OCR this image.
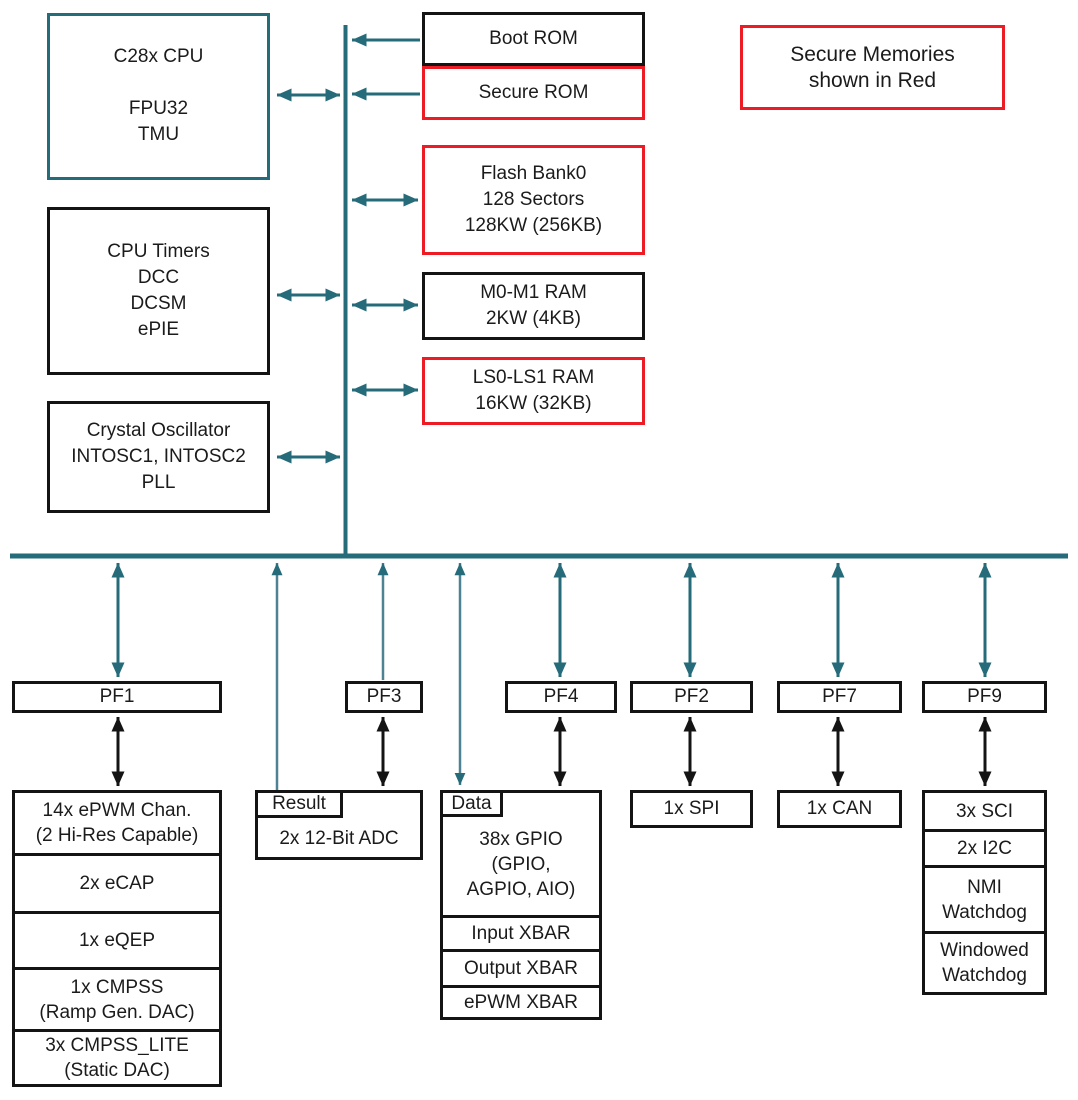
C28x CPU
FPU32
TMU
CPU Timers
DCC
DCSM
ePIE
Crystal Oscillator
INTOSC1, INTOSC2
PLL
Boot ROM
Secure ROM
Flash Bank0
128 Sectors
128KW (256KB)
M0-M1 RAM
2KW (4KB)
LS0-LS1 RAM
16KW (32KB)
Secure Memories
shown in Red
PF1	PF3	PF4	PF2	PF7	PF9
14x ePWM Chan.
(2 Hi-Res Capable)
2x eCAP
1x eQEP
1x CMPSS
(Ramp Gen. DAC)
3x CMPSS_LITE
(Static DAC)
2x 12-Bit ADC
Result
38x GPIO
(GPIO,
AGPIO, AIO)
Input XBAR
Output XBAR
ePWM XBAR
Data	1x SPI	1x CAN	3x SCI
2x I2C
NMI
Watchdog
Windowed
Watchdog
